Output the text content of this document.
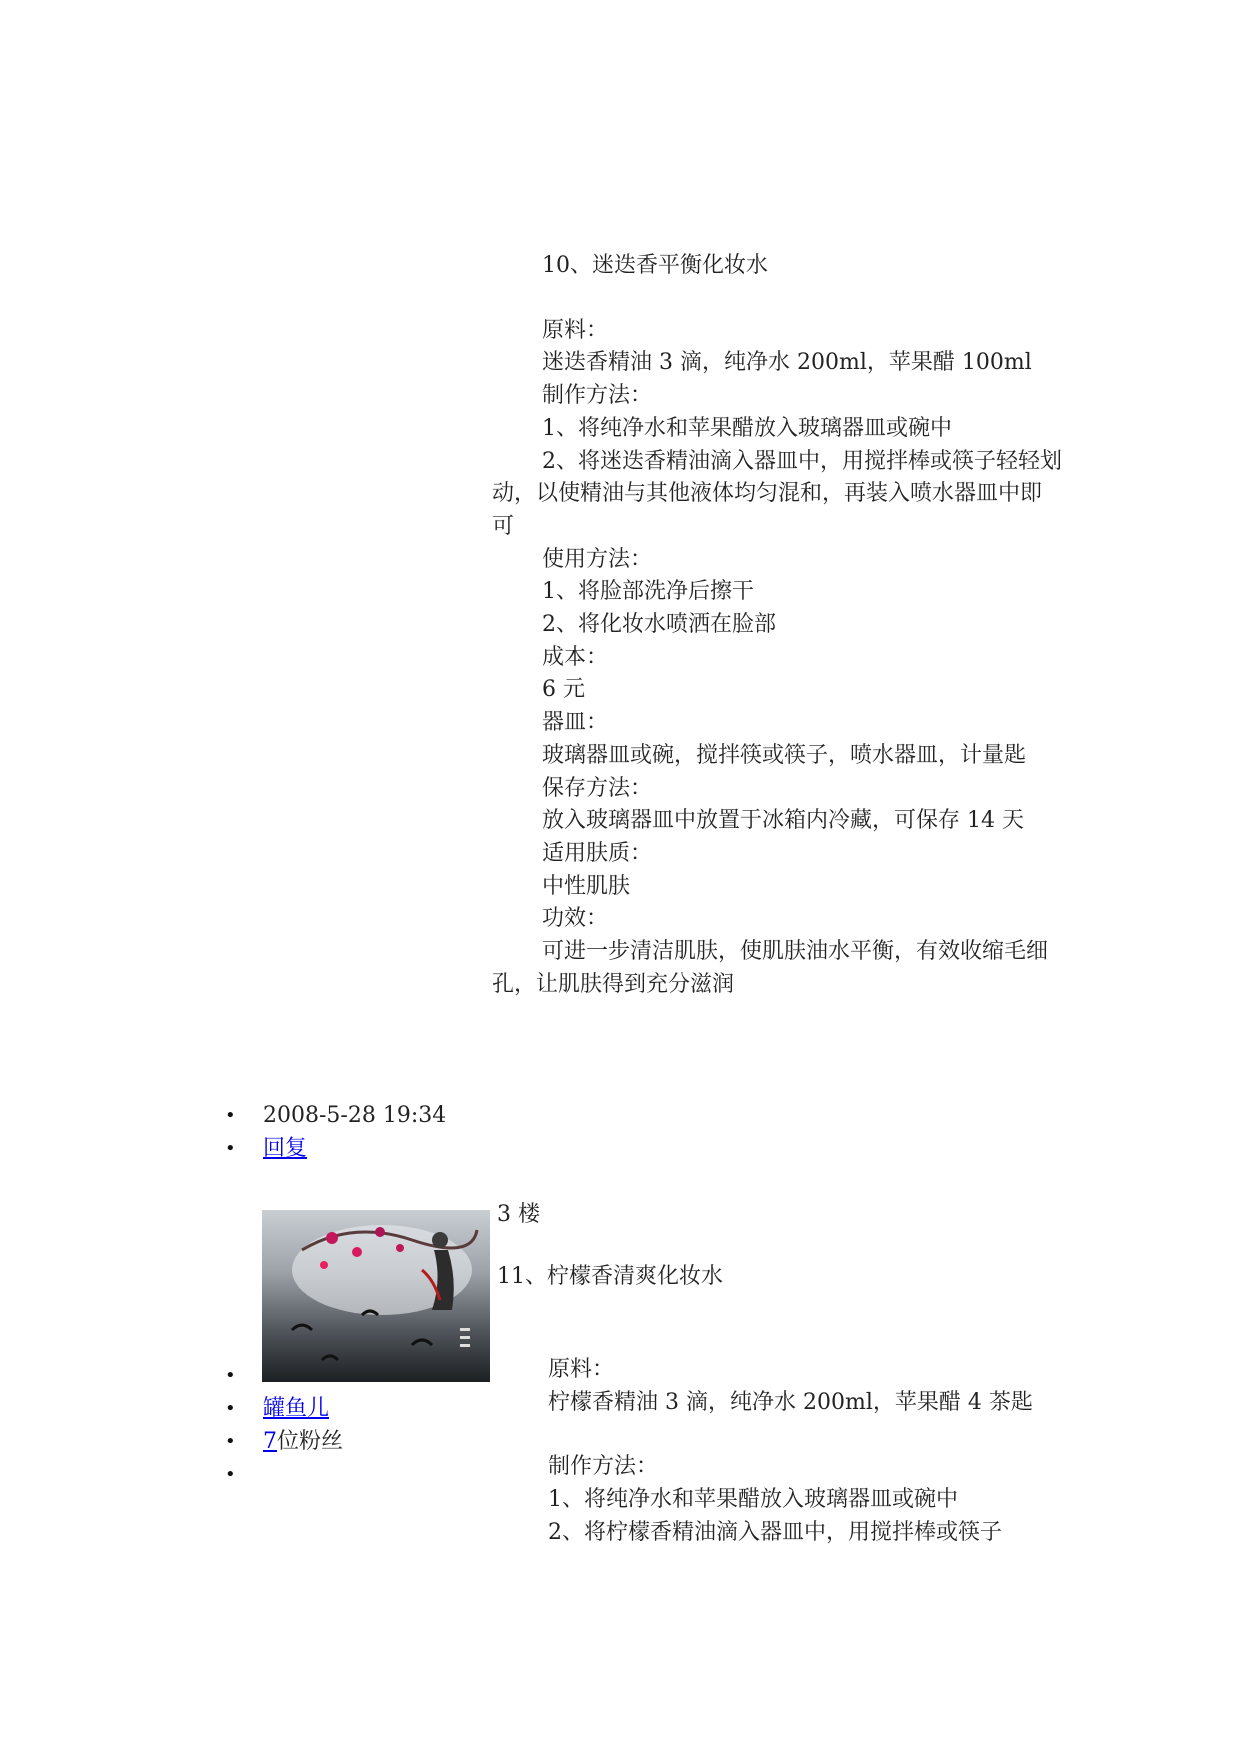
10、迷迭香平衡化妆水

原料：

迷迭香精油 3 滴，纯净水 200ml，苹果醋 100ml

制作方法：

1、将纯净水和苹果醋放入玻璃器皿或碗中

2、将迷迭香精油滴入器皿中，用搅拌棒或筷子轻轻划动，以使精油与其他液体均匀混和，再装入喷水器皿中即可

使用方法：

1、将脸部洗净后擦干

2、将化妆水喷洒在脸部

成本：

6 元

器皿：

玻璃器皿或碗，搅拌筷或筷子，喷水器皿，计量匙

保存方法：

放入玻璃器皿中放置于冰箱内冷藏，可保存 14 天

适用肤质：

中性肌肤

功效：

可进一步清洁肌肤，使肌肤油水平衡，有效收缩毛细孔，让肌肤得到充分滋润

• 2008-5-28 19:34
• 回复
3 楼
11、柠檬香清爽化妆水
•
• 罐鱼儿
• 7位粉丝
•

原料：

柠檬香精油 3 滴，纯净水 200ml，苹果醋 4 茶匙

制作方法：

1、将纯净水和苹果醋放入玻璃器皿或碗中

2、将柠檬香精油滴入器皿中，用搅拌棒或筷子
